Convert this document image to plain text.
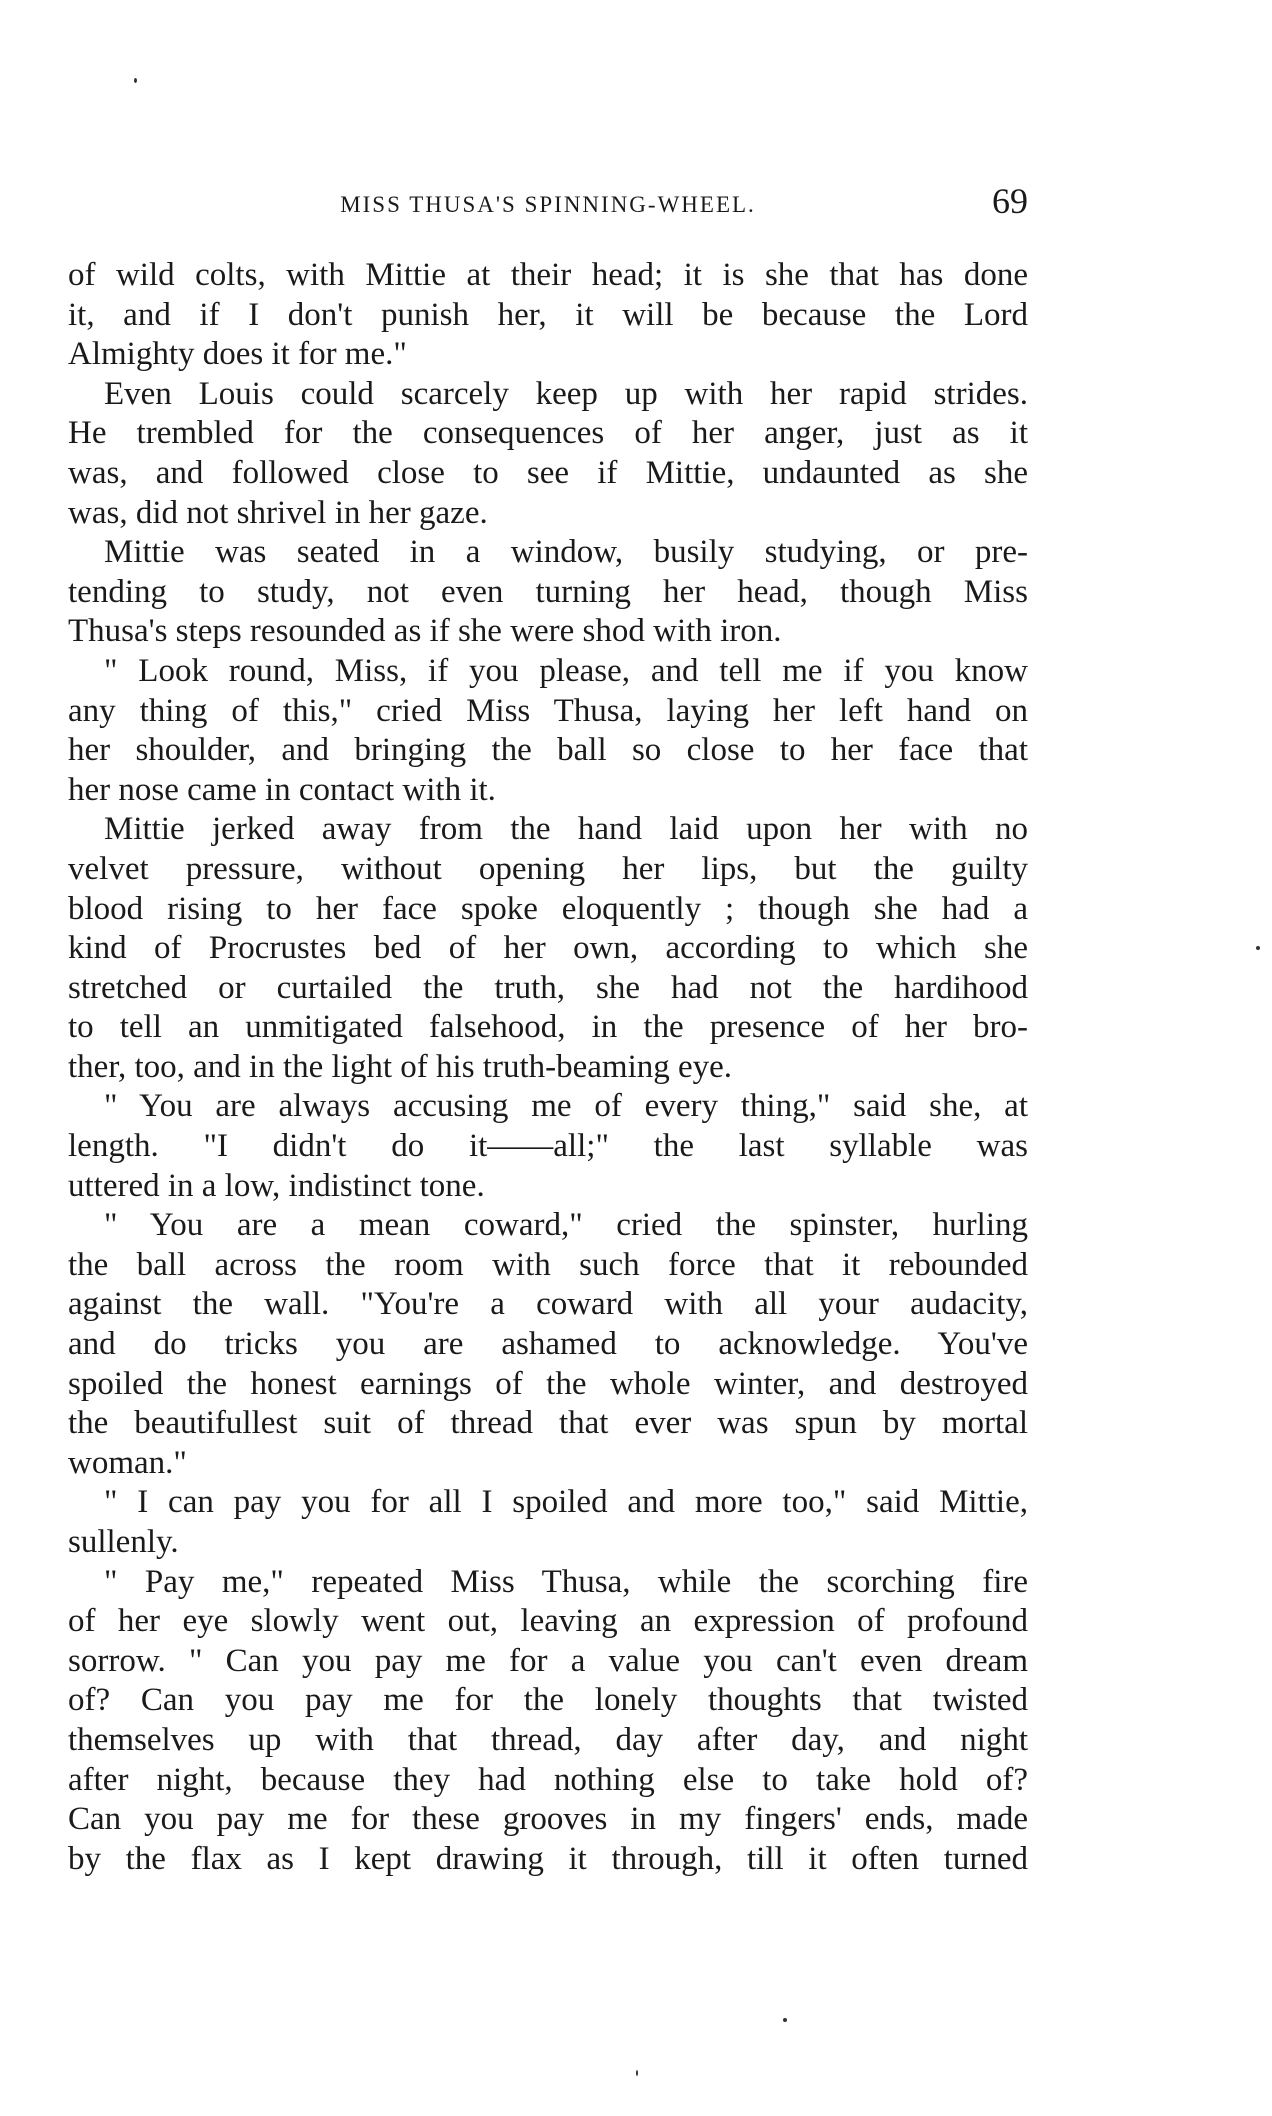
MISS THUSA'S SPINNING-WHEEL.	69
of wild colts, with Mittie at their head; it is she that has done
it, and if I don't punish her, it will be because the Lord
Almighty does it for me."
Even Louis could scarcely keep up with her rapid strides.
He trembled for the consequences of her anger, just as it
was, and followed close to see if Mittie, undaunted as she
was, did not shrivel in her gaze.
Mittie was seated in a window, busily studying, or pre-
tending to study, not even turning her head, though Miss
Thusa's steps resounded as if she were shod with iron.
" Look round, Miss, if you please, and tell me if you know
any thing of this," cried Miss Thusa, laying her left hand on
her shoulder, and bringing the ball so close to her face that
her nose came in contact with it.
Mittie jerked away from the hand laid upon her with no
velvet pressure, without opening her lips, but the guilty
blood rising to her face spoke eloquently ; though she had a
kind of Procrustes bed of her own, according to which she
stretched or curtailed the truth, she had not the hardihood
to tell an unmitigated falsehood, in the presence of her bro-
ther, too, and in the light of his truth-beaming eye.
" You are always accusing me of every thing," said she, at
length. "I didn't do it——all;" the last syllable was
uttered in a low, indistinct tone.
" You are a mean coward," cried the spinster, hurling
the ball across the room with such force that it rebounded
against the wall. "You're a coward with all your audacity,
and do tricks you are ashamed to acknowledge. You've
spoiled the honest earnings of the whole winter, and destroyed
the beautifullest suit of thread that ever was spun by mortal
woman."
" I can pay you for all I spoiled and more too," said Mittie,
sullenly.
" Pay me," repeated Miss Thusa, while the scorching fire
of her eye slowly went out, leaving an expression of profound
sorrow. " Can you pay me for a value you can't even dream
of? Can you pay me for the lonely thoughts that twisted
themselves up with that thread, day after day, and night
after night, because they had nothing else to take hold of?
Can you pay me for these grooves in my fingers' ends, made
by the flax as I kept drawing it through, till it often turned
